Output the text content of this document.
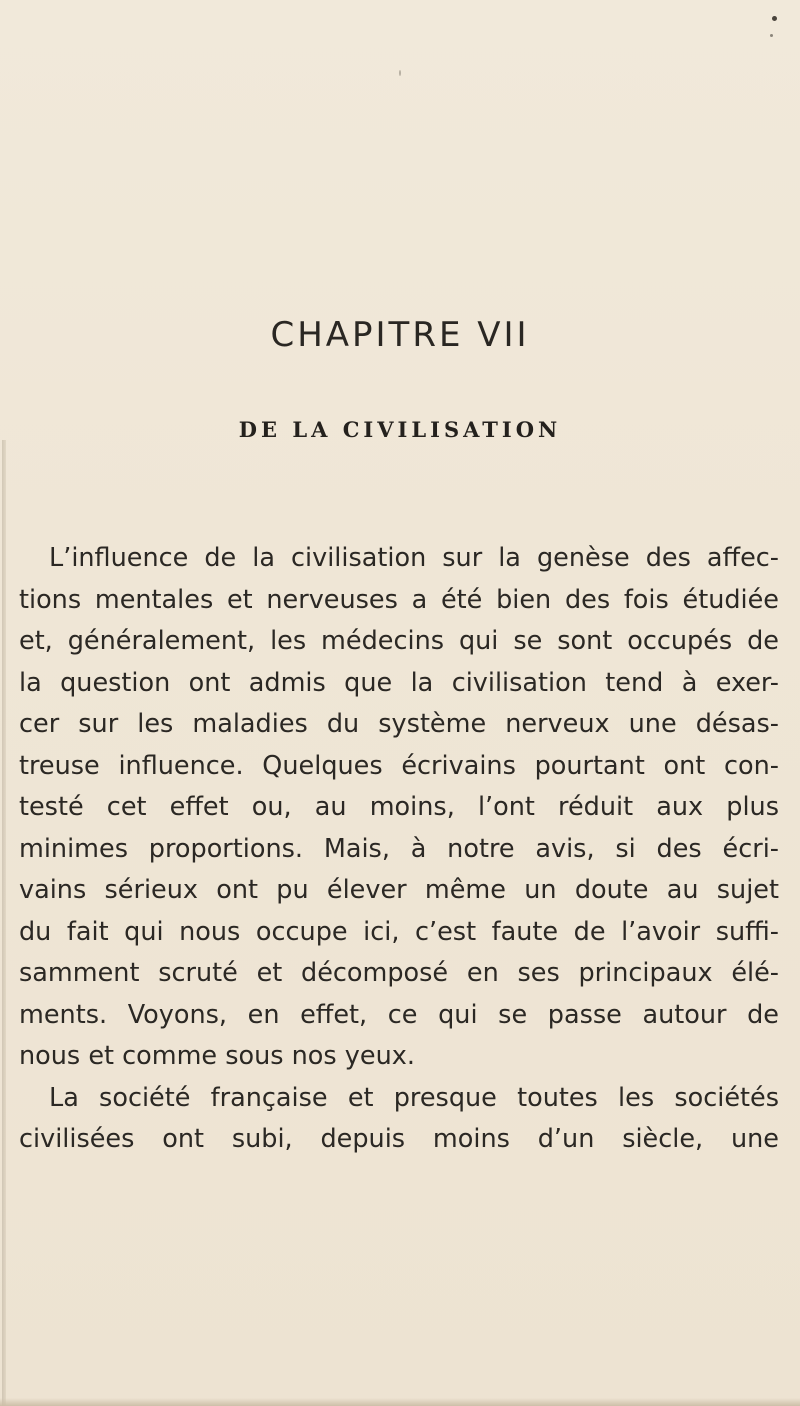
CHAPITRE VII
DE LA CIVILISATION
L’influence de la civilisation sur la genèse des affec-
tions mentales et nerveuses a été bien des fois étudiée
et, généralement, les médecins qui se sont occupés de
la question ont admis que la civilisation tend à exer-
cer sur les maladies du système nerveux une désas-
treuse influence. Quelques écrivains pourtant ont con-
testé cet effet ou, au moins, l’ont réduit aux plus
minimes proportions. Mais, à notre avis, si des écri-
vains sérieux ont pu élever même un doute au sujet
du fait qui nous occupe ici, c’est faute de l’avoir suffi-
samment scruté et décomposé en ses principaux élé-
ments. Voyons, en effet, ce qui se passe autour de
nous et comme sous nos yeux.
La société française et presque toutes les sociétés
civilisées ont subi, depuis moins d’un siècle, une
